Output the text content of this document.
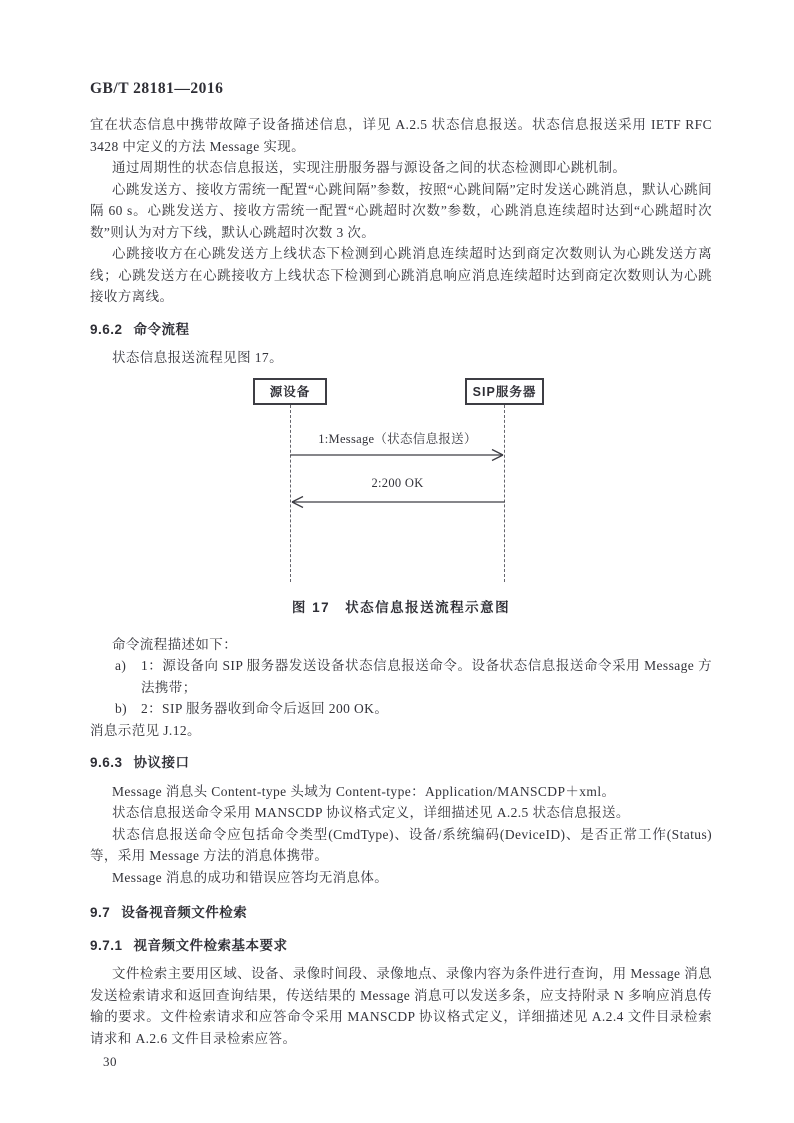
GB/T 28181—2016

宜在状态信息中携带故障子设备描述信息，详见 A.2.5 状态信息报送。状态信息报送采用 IETF RFC 3428 中定义的方法 Message 实现。

通过周期性的状态信息报送，实现注册服务器与源设备之间的状态检测即心跳机制。

心跳发送方、接收方需统一配置“心跳间隔”参数，按照“心跳间隔”定时发送心跳消息，默认心跳间隔 60 s。心跳发送方、接收方需统一配置“心跳超时次数”参数，心跳消息连续超时达到“心跳超时次数”则认为对方下线，默认心跳超时次数 3 次。

心跳接收方在心跳发送方上线状态下检测到心跳消息连续超时达到商定次数则认为心跳发送方离线；心跳发送方在心跳接收方上线状态下检测到心跳消息响应消息连续超时达到商定次数则认为心跳接收方离线。

9.6.2 命令流程

状态信息报送流程见图 17。

源设备	SIP服务器
1:Message（状态信息报送）
2:200 OK
图 17　状态信息报送流程示意图

命令流程描述如下：

a)	1：源设备向 SIP 服务器发送设备状态信息报送命令。设备状态信息报送命令采用 Message 方法携带；

b)	2：SIP 服务器收到命令后返回 200 OK。

消息示范见 J.12。

9.6.3 协议接口

Message 消息头 Content-type 头域为 Content-type：Application/MANSCDP＋xml。

状态信息报送命令采用 MANSCDP 协议格式定义，详细描述见 A.2.5 状态信息报送。

状态信息报送命令应包括命令类型(CmdType)、设备/系统编码(DeviceID)、是否正常工作(Status)等，采用 Message 方法的消息体携带。

Message 消息的成功和错误应答均无消息体。

9.7 设备视音频文件检索
9.7.1 视音频文件检索基本要求

文件检索主要用区域、设备、录像时间段、录像地点、录像内容为条件进行查询，用 Message 消息发送检索请求和返回查询结果，传送结果的 Message 消息可以发送多条，应支持附录 N 多响应消息传输的要求。文件检索请求和应答命令采用 MANSCDP 协议格式定义，详细描述见 A.2.4 文件目录检索请求和 A.2.6 文件目录检索应答。

30
